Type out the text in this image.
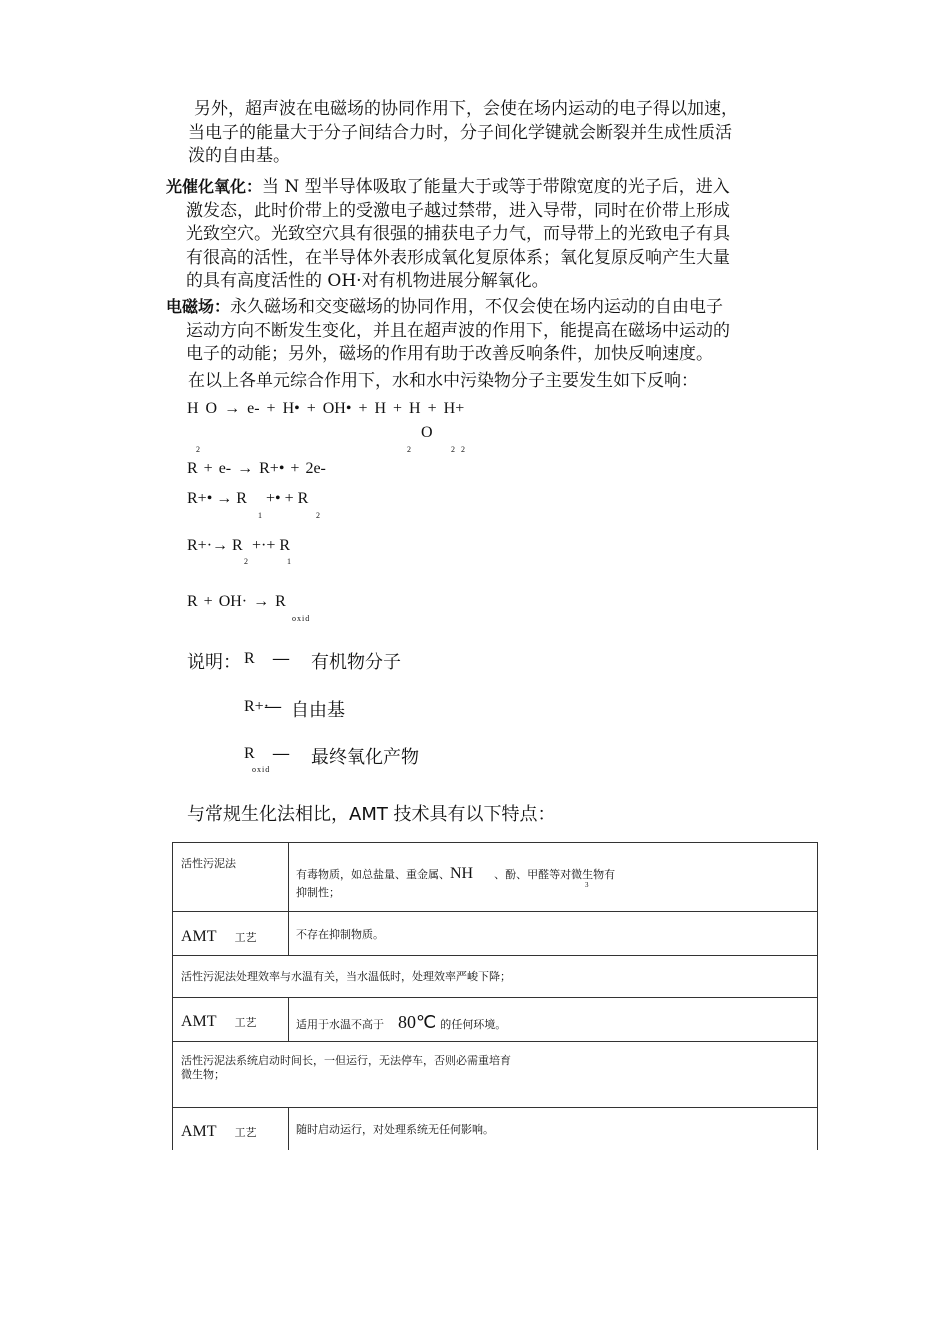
另外，超声波在电磁场的协同作用下，会使在场内运动的电子得以加速，
当电子的能量大于分子间结合力时，分子间化学键就会断裂并生成性质活
泼的自由基。
光催化氧化：当 N 型半导体吸取了能量大于或等于带隙宽度的光子后，进入
激发态，此时价带上的受激电子越过禁带，进入导带，同时在价带上形成
光致空穴。光致空穴具有很强的捕获电子力气，而导带上的光致电子有具
有很高的活性，在半导体外表形成氧化复原体系；氧化复原反响产生大量
的具有高度活性的 OH·对有机物进展分解氧化。
电磁场：永久磁场和交变磁场的协同作用，不仅会使在场内运动的自由电子
运动方向不断发生变化，并且在超声波的作用下，能提高在磁场中运动的
电子的动能；另外，磁场的作用有助于改善反响条件，加快反响速度。
在以上各单元综合作用下，水和水中污染物分子主要发生如下反响：
H O → e- + H• + OH• + H + H + H+
O
2	2	2 2
R + e- → R+• + 2e-
R+• → R +• + R
1	2
R+·→ R +·+ R
2	1
R + OH· → R
oxid
说明： R — 有机物分子
R+·
— 自由基
R
oxid
— 最终氧化产物
与常规生化法相比，AMT 技术具有以下特点：
活性污泥法	有毒物质，如总盐量、重金属、NH      、酚、甲醛等对微生物有
抑制性；
3

AMT 工艺	不存在抑制物质。

活性污泥法处理效率与水温有关，当水温低时，处理效率严峻下降；	

AMT 工艺	适用于水温不高于 80℃ 的任何环境。

活性污泥法系统启动时间长，一但运行，无法停车，否则必需重培育
微生物；	

AMT 工艺	随时启动运行，对处理系统无任何影响。
